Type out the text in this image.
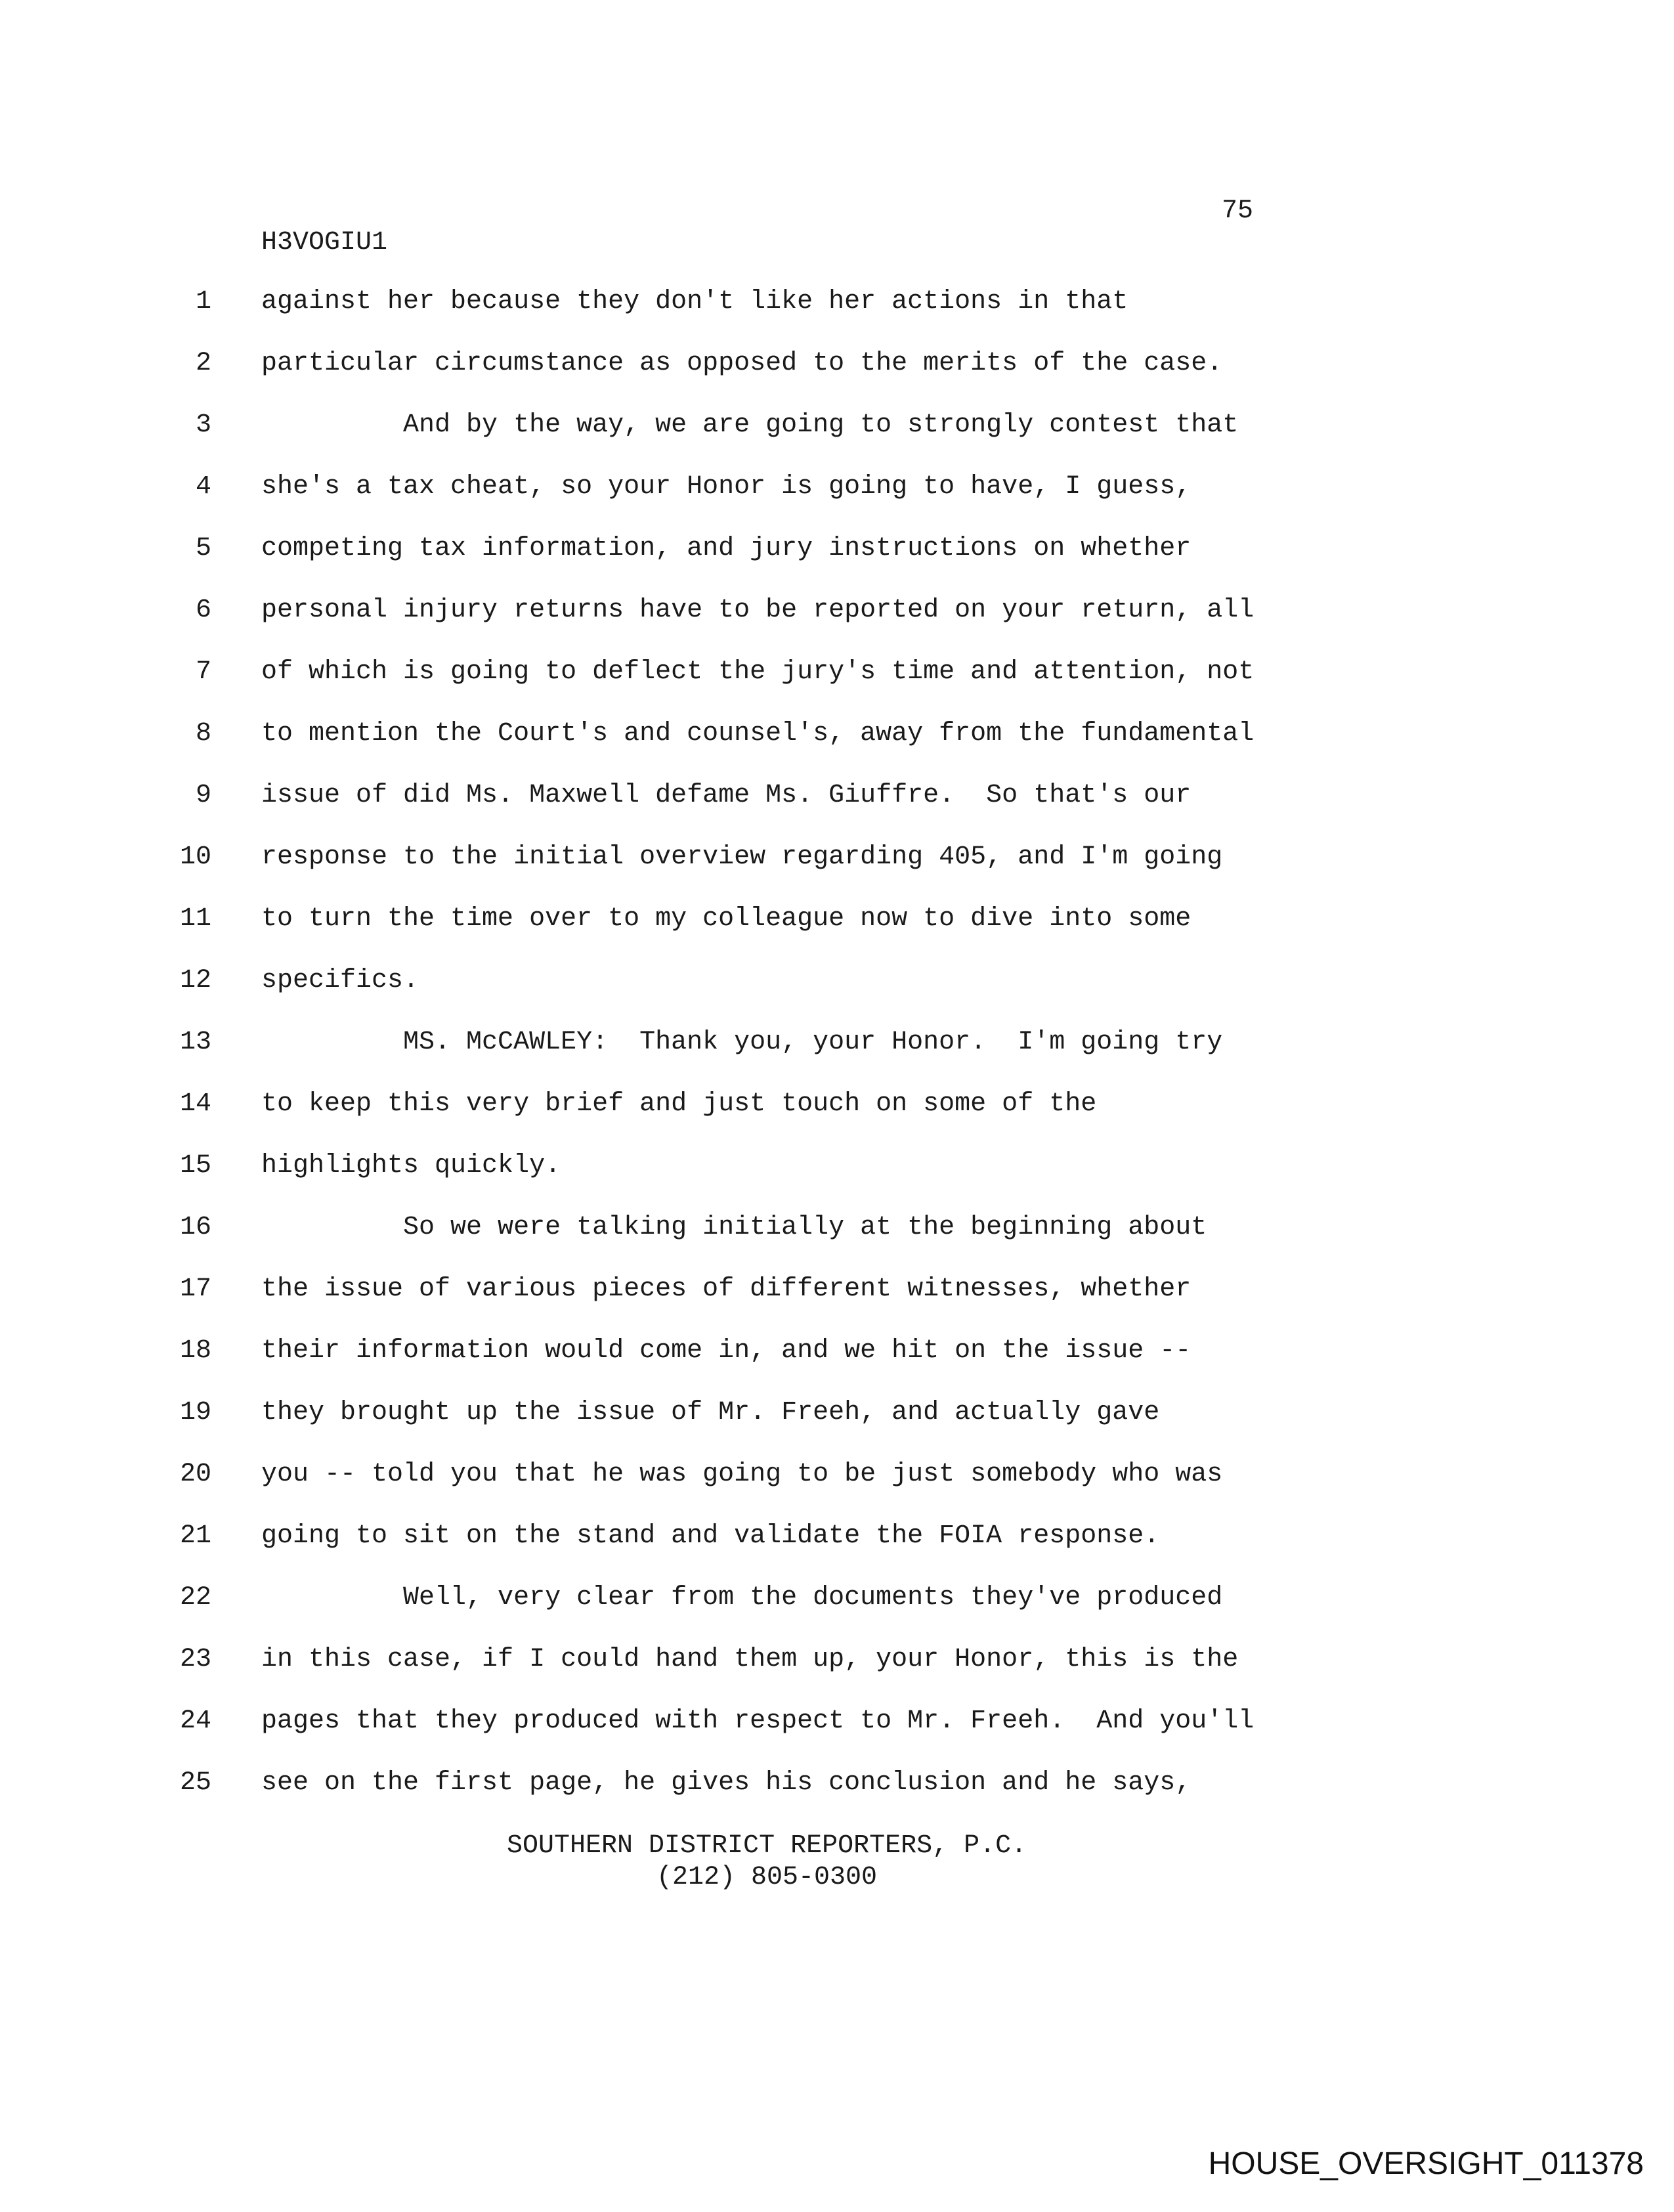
75
H3VOGIU1
1 against her because they don't like her actions in that
2 particular circumstance as opposed to the merits of the case.
3 And by the way, we are going to strongly contest that
4 she's a tax cheat, so your Honor is going to have, I guess,
5 competing tax information, and jury instructions on whether
6 personal injury returns have to be reported on your return, all
7 of which is going to deflect the jury's time and attention, not
8 to mention the Court's and counsel's, away from the fundamental
9 issue of did Ms. Maxwell defame Ms. Giuffre.  So that's our
10 response to the initial overview regarding 405, and I'm going
11 to turn the time over to my colleague now to dive into some
12 specifics.
13 MS. McCAWLEY:  Thank you, your Honor.  I'm going try
14 to keep this very brief and just touch on some of the
15 highlights quickly.
16 So we were talking initially at the beginning about
17 the issue of various pieces of different witnesses, whether
18 their information would come in, and we hit on the issue --
19 they brought up the issue of Mr. Freeh, and actually gave
20 you -- told you that he was going to be just somebody who was
21 going to sit on the stand and validate the FOIA response.
22 Well, very clear from the documents they've produced
23 in this case, if I could hand them up, your Honor, this is the
24 pages that they produced with respect to Mr. Freeh.  And you'll
25 see on the first page, he gives his conclusion and he says,
SOUTHERN DISTRICT REPORTERS, P.C.
(212) 805-0300
HOUSE_OVERSIGHT_011378
